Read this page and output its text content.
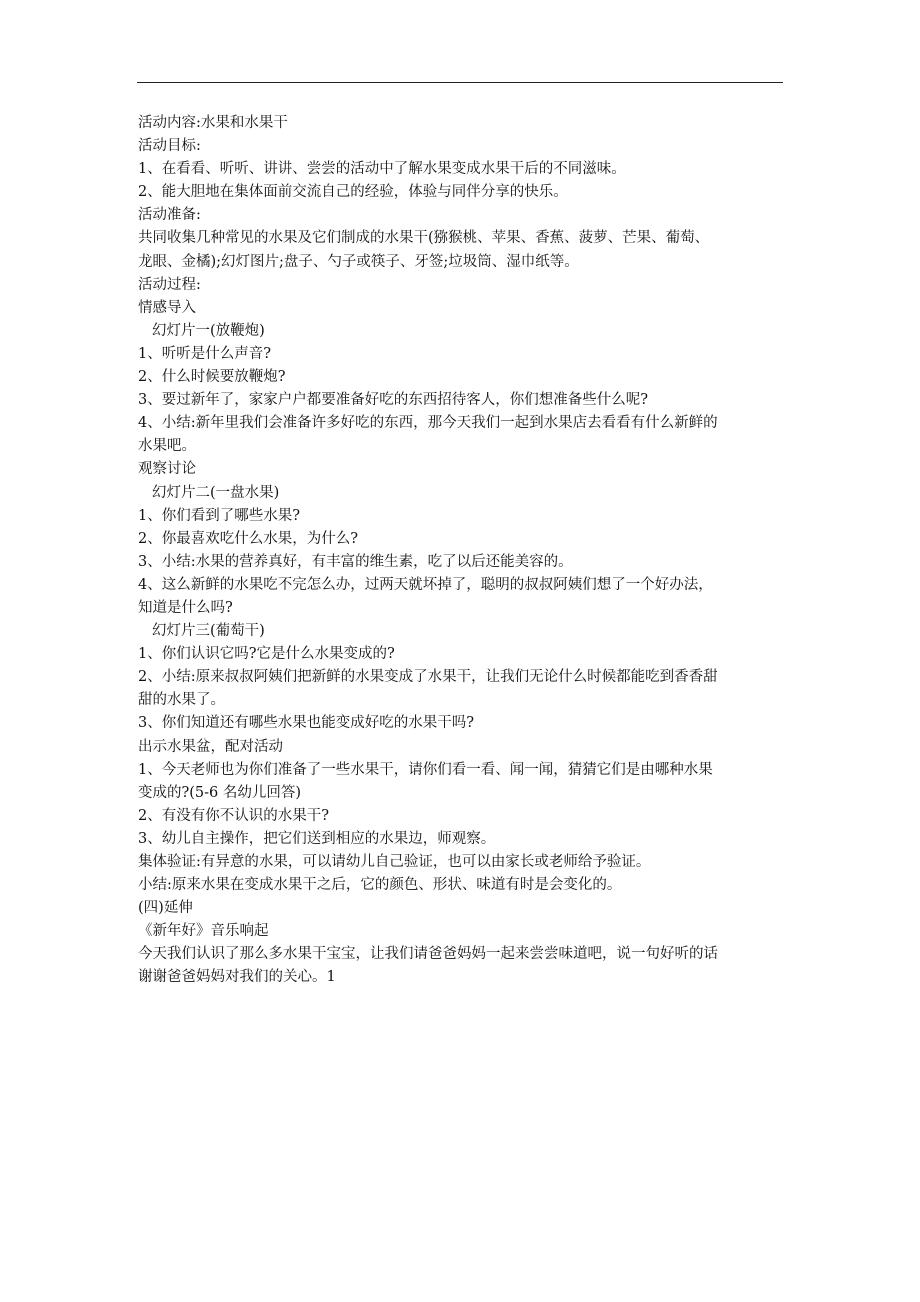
活动内容:水果和水果干
活动目标:
1、在看看、听听、讲讲、尝尝的活动中了解水果变成水果干后的不同滋味。
2、能大胆地在集体面前交流自己的经验，体验与同伴分享的快乐。
活动准备:
共同收集几种常见的水果及它们制成的水果干(猕猴桃、苹果、香蕉、菠萝、芒果、葡萄、
龙眼、金橘);幻灯图片;盘子、勺子或筷子、牙签;垃圾筒、湿巾纸等。
活动过程:
情感导入
幻灯片一(放鞭炮)
1、听听是什么声音?
2、什么时候要放鞭炮?
3、要过新年了，家家户户都要准备好吃的东西招待客人，你们想准备些什么呢?
4、小结:新年里我们会准备许多好吃的东西，那今天我们一起到水果店去看看有什么新鲜的
水果吧。
观察讨论
幻灯片二(一盘水果)
1、你们看到了哪些水果?
2、你最喜欢吃什么水果，为什么?
3、小结:水果的营养真好，有丰富的维生素，吃了以后还能美容的。
4、这么新鲜的水果吃不完怎么办，过两天就坏掉了，聪明的叔叔阿姨们想了一个好办法，
知道是什么吗?
幻灯片三(葡萄干)
1、你们认识它吗?它是什么水果变成的?
2、小结:原来叔叔阿姨们把新鲜的水果变成了水果干，让我们无论什么时候都能吃到香香甜
甜的水果了。
3、你们知道还有哪些水果也能变成好吃的水果干吗?
出示水果盆，配对活动
1、今天老师也为你们准备了一些水果干，请你们看一看、闻一闻，猜猜它们是由哪种水果
变成的?(5-6 名幼儿回答)
2、有没有你不认识的水果干?
3、幼儿自主操作，把它们送到相应的水果边，师观察。
集体验证:有异意的水果，可以请幼儿自己验证，也可以由家长或老师给予验证。
小结:原来水果在变成水果干之后，它的颜色、形状、味道有时是会变化的。
(四)延伸
《新年好》音乐响起
今天我们认识了那么多水果干宝宝，让我们请爸爸妈妈一起来尝尝味道吧，说一句好听的话
谢谢爸爸妈妈对我们的关心。1
